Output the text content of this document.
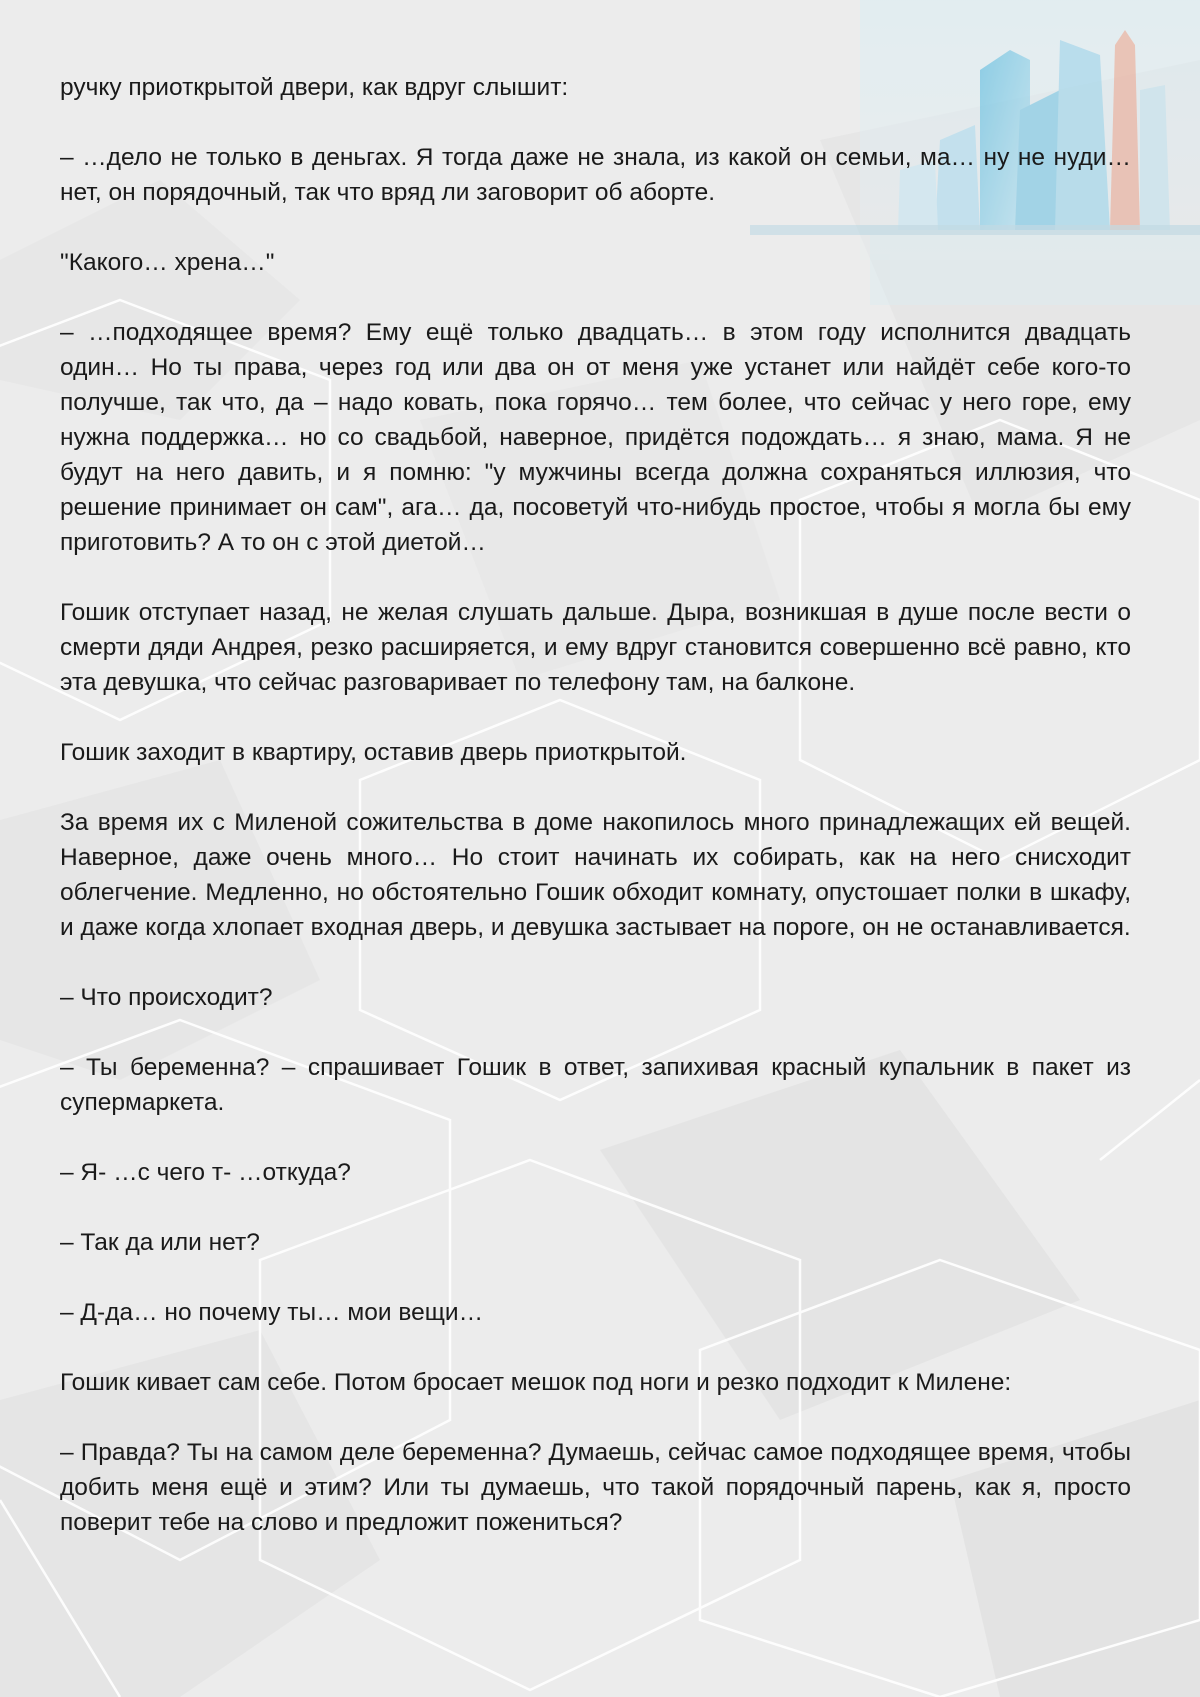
ручку приоткрытой двери, как вдруг слышит:

– …дело не только в деньгах. Я тогда даже не знала, из какой он семьи, ма… ну не нуди… нет, он порядочный, так что вряд ли заговорит об аборте.

"Какого… хрена…"

– …подходящее время? Ему ещё только двадцать… в этом году исполнится двадцать один… Но ты права, через год или два он от меня уже устанет или найдёт себе кого-то получше, так что, да – надо ковать, пока горячо… тем более, что сейчас у него горе, ему нужна поддержка… но со свадьбой, наверное, придётся подождать… я знаю, мама. Я не будут на него давить, и я помню: "у мужчины всегда должна сохраняться иллюзия, что решение принимает он сам", ага… да, посоветуй что-нибудь простое, чтобы я могла бы ему приготовить? А то он с этой диетой…

Гошик отступает назад, не желая слушать дальше. Дыра, возникшая в душе после вести о смерти дяди Андрея, резко расширяется, и ему вдруг становится совершенно всё равно, кто эта девушка, что сейчас разговаривает по телефону там, на балконе.

Гошик заходит в квартиру, оставив дверь приоткрытой.

За время их с Миленой сожительства в доме накопилось много принадлежащих ей вещей. Наверное, даже очень много… Но стоит начинать их собирать, как на него снисходит облегчение. Медленно, но обстоятельно Гошик обходит комнату, опустошает полки в шкафу, и даже когда хлопает входная дверь, и девушка застывает на пороге, он не останавливается.

– Что происходит?

– Ты беременна? – спрашивает Гошик в ответ, запихивая красный купальник в пакет из супермаркета.

– Я- …с чего т- …откуда?

– Так да или нет?

– Д-да… но почему ты… мои вещи…

Гошик кивает сам себе. Потом бросает мешок под ноги и резко подходит к Милене:

– Правда? Ты на самом деле беременна? Думаешь, сейчас самое подходящее время, чтобы добить меня ещё и этим? Или ты думаешь, что такой порядочный парень, как я, просто поверит тебе на слово и предложит пожениться?
